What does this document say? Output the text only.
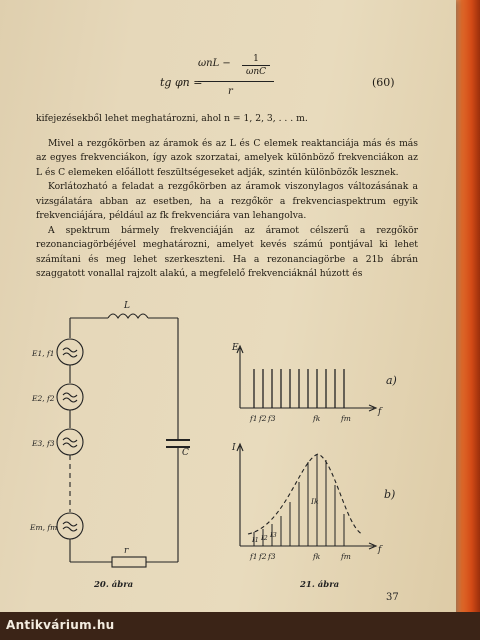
tg φn =
ωnL −	1
ωnC
r
(60)

kifejezésekből lehet meghatározni, ahol n = 1, 2, 3, . . . m.

Mivel a rezgőkörben az áramok és az L és C elemek reaktanciája más és más az egyes frekvenciákon, így azok szorzatai, amelyek különböző frekvenciákon az L és C elemeken előállott feszültségeseket adják, szintén különbözők lesznek.

Korlátozható a feladat a rezgőkörben az áramok viszonylagos változásának a vizsgálatára abban az esetben, ha a rezgőkör a frekvenciaspektrum egyik frekvenciájára, például az fk frekvenciára van lehangolva.

A spektrum bármely frekvenciáján az áramot célszerű a rezgőkör rezonanciagörbéjével meghatározni, amelyet kevés számú pontjával ki lehet számítani és meg lehet szerkeszteni. Ha a rezonanciagörbe a 21b ábrán szaggatott vonallal rajzolt alakú, a megfelelő frekvenciáknál húzott és

L
C
r
E1, f1
E2, f2
E3, f3
Em, fm
E
f
a)
f1 f2 f3	fk	fm
I
f
b)
Ik
I1 I2 I3
f1 f2 f3	fk	fm
20. ábra	21. ábra
37
Antikvárium.hu
